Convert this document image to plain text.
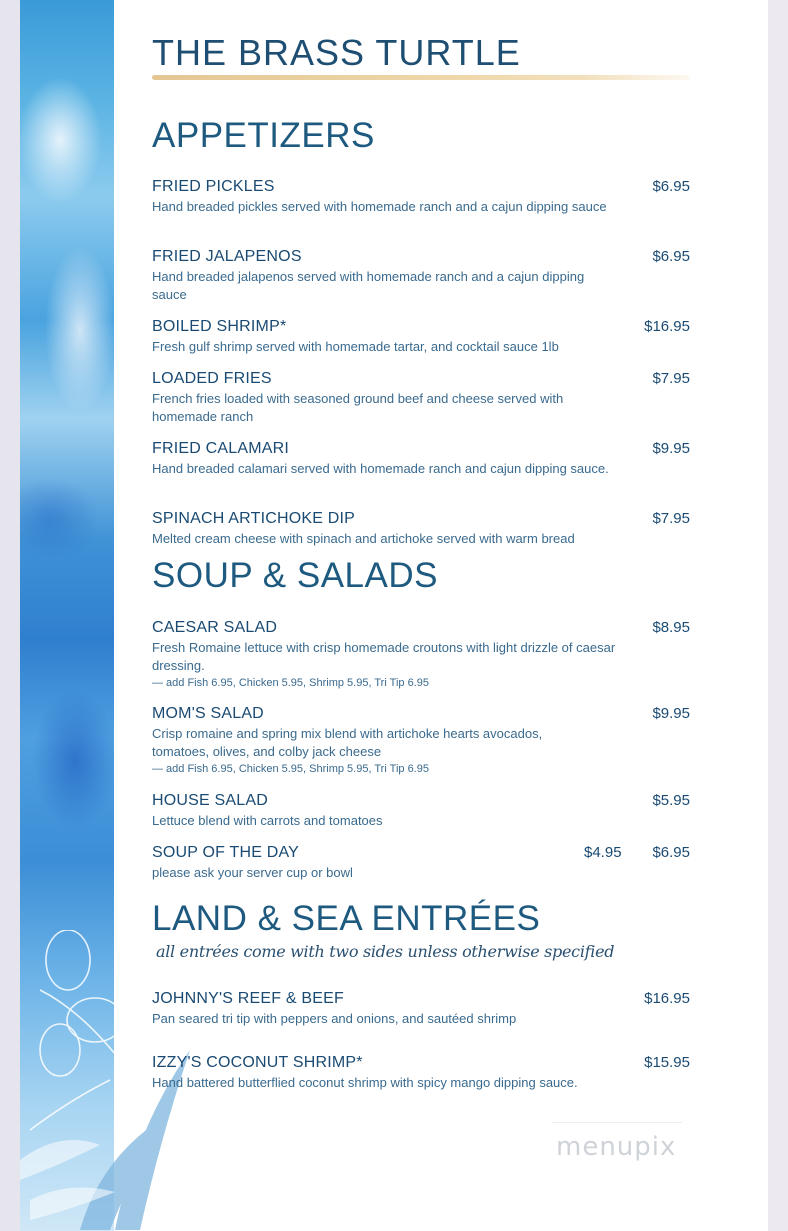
THE BRASS TURTLE
APPETIZERS
FRIED PICKLES
Hand breaded pickles served with homemade ranch and a cajun dipping sauce
$6.95
FRIED JALAPENOS
Hand breaded jalapenos served with homemade ranch and a cajun dipping sauce
$6.95
BOILED SHRIMP*
Fresh gulf shrimp served with homemade tartar, and cocktail sauce 1lb
$16.95
LOADED FRIES
French fries loaded with seasoned ground beef and cheese served with homemade ranch
$7.95
FRIED CALAMARI
Hand breaded calamari served with homemade ranch and cajun dipping sauce.
$9.95
SPINACH ARTICHOKE DIP
Melted cream cheese with spinach and artichoke served with warm bread
$7.95
SOUP & SALADS
CAESAR SALAD
Fresh Romaine lettuce with crisp homemade croutons with light drizzle of caesar dressing.
— add Fish 6.95, Chicken 5.95, Shrimp 5.95, Tri Tip 6.95
$8.95
MOM'S SALAD
Crisp romaine and spring mix blend with artichoke hearts avocados, tomatoes, olives, and colby jack cheese
— add Fish 6.95, Chicken 5.95, Shrimp 5.95, Tri Tip 6.95
$9.95
HOUSE SALAD
Lettuce blend with carrots and tomatoes
$5.95
SOUP OF THE DAY
please ask your server cup or bowl
$4.95 $6.95
LAND & SEA ENTRÉES
all entrées come with two sides unless otherwise specified
JOHNNY'S REEF & BEEF
Pan seared tri tip with peppers and onions, and sautéed shrimp
$16.95
IZZY'S COCONUT SHRIMP*
Hand battered butterflied coconut shrimp with spicy mango dipping sauce.
$15.95
menupix
